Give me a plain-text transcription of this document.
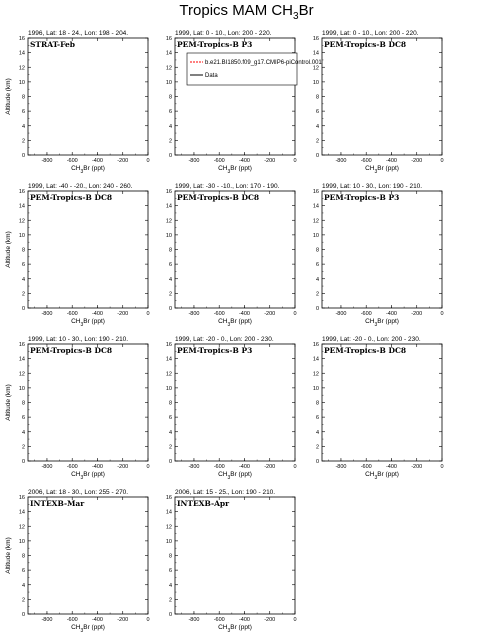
Tropics MAM $CH_3Br$
1996, Lat: 18 - 24., Lon: 198 - 204.
STRAT-Feb
-800	-600	-400	-200	0
0
2
4
6
8
10
12
14
16
$CH_3Br$ (ppt)
Altitude (km)
1999, Lat: 0 - 10., Lon: 200 - 220.
PEM-Tropics-B P3
-800	-600	-400	-200	0
0
2
4
6
8
10
12
14
16
$CH_3Br$ (ppt)
b.e21.BI1850.f09_g17.CMIP6-piControl.001
Data
1999, Lat: 0 - 10., Lon: 200 - 220.
PEM-Tropics-B DC8
-800	-600	-400	-200	0
0
2
4
6
8
10
12
14
16
$CH_3Br$ (ppt)
1999, Lat: -40 - -20., Lon: 240 - 260.
PEM-Tropics-B DC8
-800	-600	-400	-200	0
0
2
4
6
8
10
12
14
16
$CH_3Br$ (ppt)
Altitude (km)
1999, Lat: -30 - -10., Lon: 170 - 190.
PEM-Tropics-B DC8
-800	-600	-400	-200	0
0
2
4
6
8
10
12
14
16
$CH_3Br$ (ppt)
1999, Lat: 10 - 30., Lon: 190 - 210.
PEM-Tropics-B P3
-800	-600	-400	-200	0
0
2
4
6
8
10
12
14
16
$CH_3Br$ (ppt)
1999, Lat: 10 - 30., Lon: 190 - 210.
PEM-Tropics-B DC8
-800	-600	-400	-200	0
0
2
4
6
8
10
12
14
16
$CH_3Br$ (ppt)
Altitude (km)
1999, Lat: -20 - 0., Lon: 200 - 230.
PEM-Tropics-B P3
-800	-600	-400	-200	0
0
2
4
6
8
10
12
14
16
$CH_3Br$ (ppt)
1999, Lat: -20 - 0., Lon: 200 - 230.
PEM-Tropics-B DC8
-800	-600	-400	-200	0
0
2
4
6
8
10
12
14
16
$CH_3Br$ (ppt)
2006, Lat: 18 - 30., Lon: 255 - 270.
INTEXB-Mar
-800	-600	-400	-200	0
0
2
4
6
8
10
12
14
16
$CH_3Br$ (ppt)
Altitude (km)
2006, Lat: 15 - 25., Lon: 190 - 210.
INTEXB-Apr
-800	-600	-400	-200	0
0
2
4
6
8
10
12
14
16
$CH_3Br$ (ppt)
